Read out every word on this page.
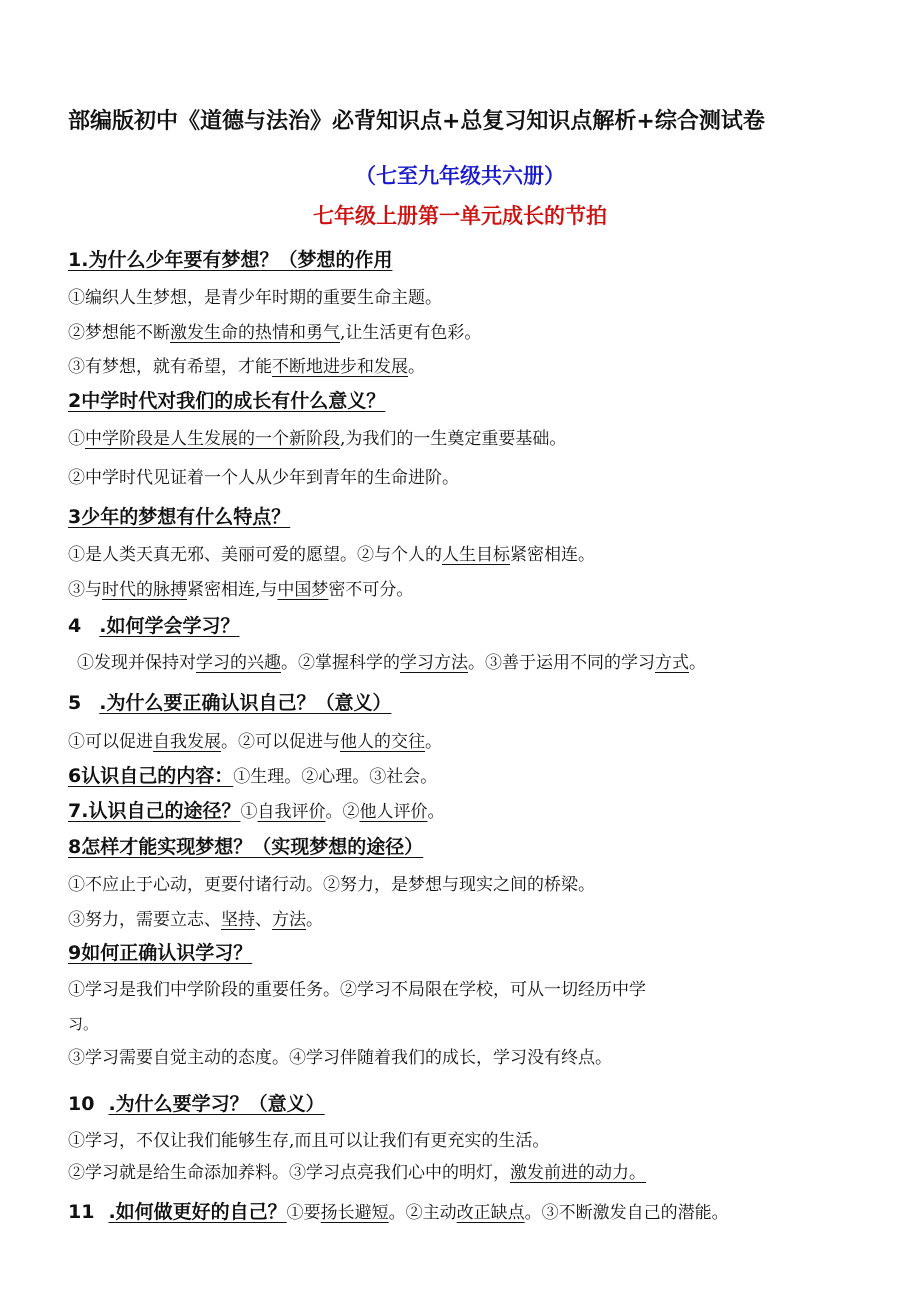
部编版初中《道德与法治》必背知识点+总复习知识点解析+综合测试卷
（七至九年级共六册）
七年级上册第一单元成长的节拍
1.为什么少年要有梦想？（梦想的作用
①编织人生梦想，是青少年时期的重要生命主题。
②梦想能不断激发生命的热情和勇气,让生活更有色彩。
③有梦想，就有希望，才能不断地进步和发展。
2中学时代对我们的成长有什么意义？
①中学阶段是人生发展的一个新阶段,为我们的一生奠定重要基础。
②中学时代见证着一个人从少年到青年的生命进阶。
3少年的梦想有什么特点？
①是人类天真无邪、美丽可爱的愿望。②与个人的人生目标紧密相连。
③与时代的脉搏紧密相连,与中国梦密不可分。
4 .如何学会学习？
①发现并保持对学习的兴趣。②掌握科学的学习方法。③善于运用不同的学习方式。
5 .为什么要正确认识自己？（意义）
①可以促进自我发展。②可以促进与他人的交往。
6认识自己的内容：①生理。②心理。③社会。
7.认识自己的途径？①自我评价。②他人评价。
8怎样才能实现梦想？（实现梦想的途径）
①不应止于心动，更要付诸行动。②努力，是梦想与现实之间的桥梁。
③努力，需要立志、坚持、方法。
9如何正确认识学习？
①学习是我们中学阶段的重要任务。②学习不局限在学校，可从一切经历中学
习。
③学习需要自觉主动的态度。④学习伴随着我们的成长，学习没有终点。
10 .为什么要学习？（意义）
①学习，不仅让我们能够生存,而且可以让我们有更充实的生活。
②学习就是给生命添加养料。③学习点亮我们心中的明灯，激发前进的动力。
11 .如何做更好的自己？①要扬长避短。②主动改正缺点。③不断激发自己的潜能。
